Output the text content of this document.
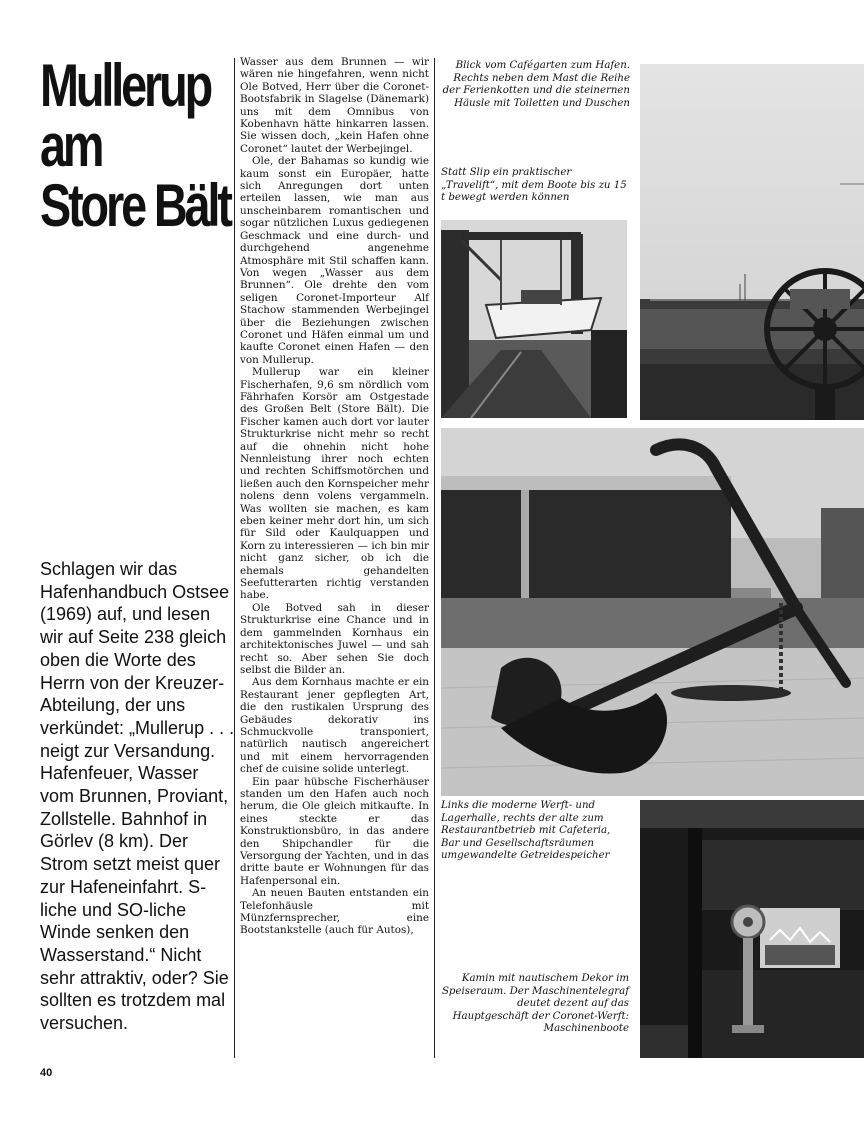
Mullerup
am
Store Bält

Schlagen wir das Hafenhandbuch Ostsee (1969) auf, und lesen wir auf Seite 238 gleich oben die Worte des Herrn von der Kreuzer-Abteilung, der uns verkündet: „Mullerup . . . neigt zur Versandung. Hafenfeuer, Wasser vom Brunnen, Proviant, Zollstelle. Bahnhof in Görlev (8 km). Der Strom setzt meist quer zur Hafeneinfahrt. S-liche und SO-liche Winde senken den Wasserstand.“ Nicht sehr attraktiv, oder? Sie sollten es trotzdem mal versuchen.

40

Wasser aus dem Brunnen — wir wären nie hingefahren, wenn nicht Ole Botved, Herr über die Coronet-Bootsfabrik in Slagelse (Dänemark) uns mit dem Omnibus von Kobenhavn hätte hinkarren lassen. Sie wissen doch, „kein Hafen ohne Coronet“ lautet der Werbejingel.

Ole, der Bahamas so kundig wie kaum sonst ein Europäer, hatte sich Anregungen dort unten erteilen lassen, wie man aus unscheinbarem romantischen und sogar nützlichen Luxus gediegenen Geschmack und eine durch- und durchgehend angenehme Atmosphäre mit Stil schaffen kann. Von wegen „Wasser aus dem Brunnen“. Ole drehte den vom seligen Coronet-Importeur Alf Stachow stammenden Werbejingel über die Beziehungen zwischen Coronet und Häfen einmal um und kaufte Coronet einen Hafen — den von Mullerup.

Mullerup war ein kleiner Fischerhafen, 9,6 sm nördlich vom Fährhafen Korsör am Ostgestade des Großen Belt (Store Bält). Die Fischer kamen auch dort vor lauter Strukturkrise nicht mehr so recht auf die ohnehin nicht hohe Nennleistung ihrer noch echten und rechten Schiffsmotörchen und ließen auch den Kornspeicher mehr nolens denn volens vergammeln. Was wollten sie machen, es kam eben keiner mehr dort hin, um sich für Sild oder Kaulquappen und Korn zu interessieren — ich bin mir nicht ganz sicher, ob ich die ehemals gehandelten Seefutterarten richtig verstanden habe.

Ole Botved sah in dieser Strukturkrise eine Chance und in dem gammelnden Kornhaus ein architektonisches Juwel — und sah recht so. Aber sehen Sie doch selbst die Bilder an.

Aus dem Kornhaus machte er ein Restaurant jener gepflegten Art, die den rustikalen Ursprung des Gebäudes dekorativ ins Schmuckvolle transponiert, natürlich nautisch angereichert und mit einem hervorragenden chef de cuisine solide unterlegt.

Ein paar hübsche Fischerhäuser standen um den Hafen auch noch herum, die Ole gleich mitkaufte. In eines steckte er das Konstruktionsbüro, in das andere den Shipchandler für die Versorgung der Yachten, und in das dritte baute er Wohnungen für das Hafenpersonal ein.

An neuen Bauten entstanden ein Telefonhäusle mit Münzfernsprecher, eine Bootstankstelle (auch für Autos),

Blick vom Cafégarten zum Hafen. Rechts neben dem Mast die Reihe der Ferienkotten und die steinernen Häusle mit Toiletten und Duschen
Statt Slip ein praktischer „Travelift“, mit dem Boote bis zu 15 t bewegt werden können
Links die moderne Werft- und Lagerhalle, rechts der alte zum Restaurantbetrieb mit Cafeteria, Bar und Gesellschaftsräumen umgewandelte Getreidespeicher
Kamin mit nautischem Dekor im Speiseraum. Der Maschinentelegraf deutet dezent auf das Hauptgeschäft der Coronet-Werft: Maschinenboote
